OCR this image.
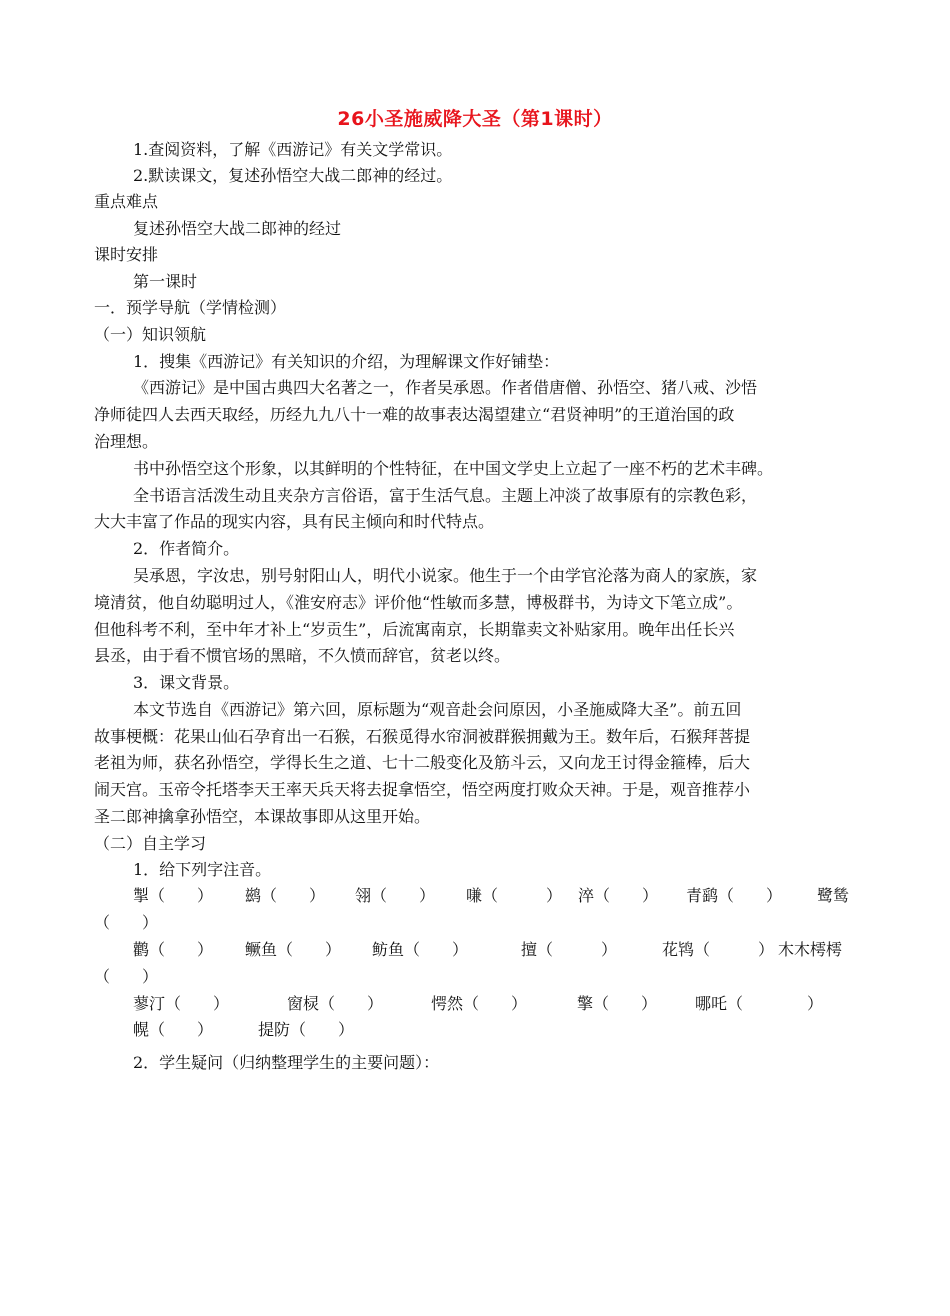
26小圣施威降大圣（第1课时）
1.查阅资料，了解《西游记》有关文学常识。
2.默读课文，复述孙悟空大战二郎神的经过。
重点难点
复述孙悟空大战二郎神的经过
课时安排
第一课时
一．预学导航（学情检测）
（一）知识领航
1．搜集《西游记》有关知识的介绍，为理解课文作好铺垫：
《西游记》是中国古典四大名著之一，作者吴承恩。作者借唐僧、孙悟空、猪八戒、沙悟
净师徒四人去西天取经，历经九九八十一难的故事表达渴望建立“君贤神明”的王道治国的政
治理想。
书中孙悟空这个形象，以其鲜明的个性特征，在中国文学史上立起了一座不朽的艺术丰碑。
全书语言活泼生动且夹杂方言俗语，富于生活气息。主题上冲淡了故事原有的宗教色彩，
大大丰富了作品的现实内容，具有民主倾向和时代特点。
2．作者简介。
吴承恩，字汝忠，别号射阳山人，明代小说家。他生于一个由学官沦落为商人的家族，家
境清贫，他自幼聪明过人，《淮安府志》评价他“性敏而多慧，博极群书，为诗文下笔立成”。
但他科考不利，至中年才补上“岁贡生”，后流寓南京，长期靠卖文补贴家用。晚年出任长兴
县丞，由于看不惯官场的黑暗，不久愤而辞官，贫老以终。
3．课文背景。
本文节选自《西游记》第六回，原标题为“观音赴会问原因，小圣施威降大圣”。前五回
故事梗概：花果山仙石孕育出一石猴，石猴觅得水帘洞被群猴拥戴为王。数年后，石猴拜菩提
老祖为师，获名孙悟空，学得长生之道、七十二般变化及筋斗云，又向龙王讨得金箍棒，后大
闹天宫。玉帝令托塔李天王率天兵天将去捉拿悟空，悟空两度打败众天神。于是，观音推荐小
圣二郎神擒拿孙悟空，本课故事即从这里开始。
（二）自主学习
1．给下列字注音。
掣（　　） 鹚（　　） 翎（　　） 嗛（　　　） 淬（　　） 青鹞（　　） 鹭鸶
（　　）
鹳（　　） 鳜鱼（　　） 鲂鱼（　　）	擅（　　　）	花鸨（　　　） 木木樗樗
（　　）
蓼汀（　　）	窗棂（　　）	愕然（　　）	擎（　　） 哪吒（　　　　）
幌（　　）	提防（　　）
2．学生疑问（归纳整理学生的主要问题）：
